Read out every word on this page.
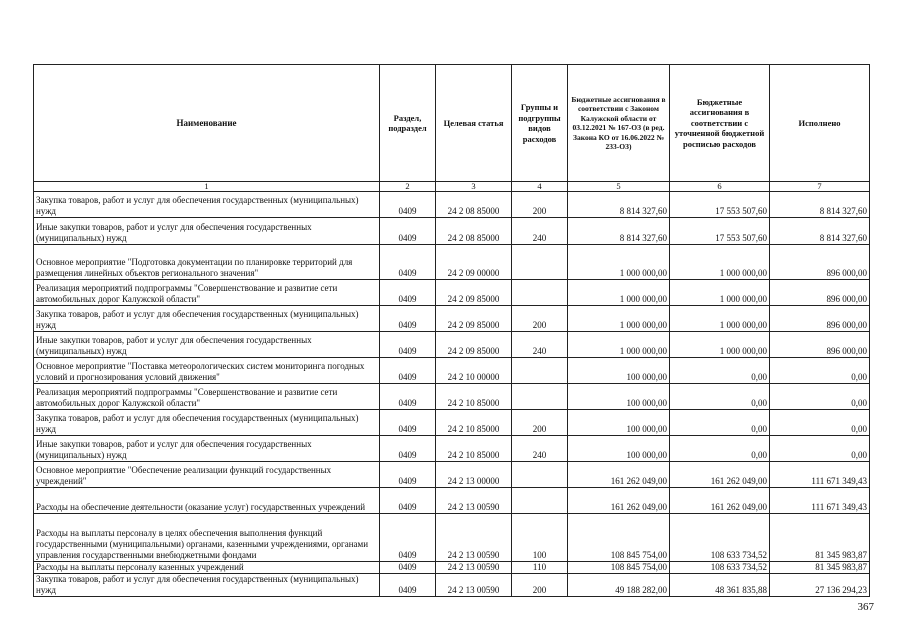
Наименование	Раздел, подраздел	Целевая статья	Группы и подгруппы видов расходов	Бюджетные ассигнования в соответствии с Законом Калужской области от 03.12.2021 № 167-ОЗ (в ред. Закона КО от 16.06.2022 № 233-ОЗ)	Бюджетные ассигнования в соответствии с уточненной бюджетной росписью расходов	Исполнено
1	2	3	4	5	6	7
Закупка товаров, работ и услуг для обеспечения государственных (муниципальных) нужд	0409	24 2 08 85000	200	8 814 327,60	17 553 507,60	8 814 327,60
Иные закупки товаров, работ и услуг для обеспечения государственных (муниципальных) нужд	0409	24 2 08 85000	240	8 814 327,60	17 553 507,60	8 814 327,60
Основное мероприятие "Подготовка документации по планировке территорий для размещения линейных объектов регионального значения"	0409	24 2 09 00000		1 000 000,00	1 000 000,00	896 000,00
Реализация мероприятий подпрограммы "Совершенствование и развитие сети автомобильных дорог Калужской области"	0409	24 2 09 85000		1 000 000,00	1 000 000,00	896 000,00
Закупка товаров, работ и услуг для обеспечения государственных (муниципальных) нужд	0409	24 2 09 85000	200	1 000 000,00	1 000 000,00	896 000,00
Иные закупки товаров, работ и услуг для обеспечения государственных (муниципальных) нужд	0409	24 2 09 85000	240	1 000 000,00	1 000 000,00	896 000,00
Основное мероприятие "Поставка метеорологических систем мониторинга погодных условий и прогнозирования условий движения"	0409	24 2 10 00000		100 000,00	0,00	0,00
Реализация мероприятий подпрограммы "Совершенствование и развитие сети автомобильных дорог Калужской области"	0409	24 2 10 85000		100 000,00	0,00	0,00
Закупка товаров, работ и услуг для обеспечения государственных (муниципальных) нужд	0409	24 2 10 85000	200	100 000,00	0,00	0,00
Иные закупки товаров, работ и услуг для обеспечения государственных (муниципальных) нужд	0409	24 2 10 85000	240	100 000,00	0,00	0,00
Основное мероприятие "Обеспечение реализации функций государственных учреждений"	0409	24 2 13 00000		161 262 049,00	161 262 049,00	111 671 349,43
Расходы на обеспечение деятельности (оказание услуг) государственных учреждений	0409	24 2 13 00590		161 262 049,00	161 262 049,00	111 671 349,43
Расходы на выплаты персоналу в целях обеспечения выполнения функций государственными (муниципальными) органами, казенными учреждениями, органами управления государственными внебюджетными фондами	0409	24 2 13 00590	100	108 845 754,00	108 633 734,52	81 345 983,87
Расходы на выплаты персоналу казенных учреждений	0409	24 2 13 00590	110	108 845 754,00	108 633 734,52	81 345 983,87
Закупка товаров, работ и услуг для обеспечения государственных (муниципальных) нужд	0409	24 2 13 00590	200	49 188 282,00	48 361 835,88	27 136 294,23
367
